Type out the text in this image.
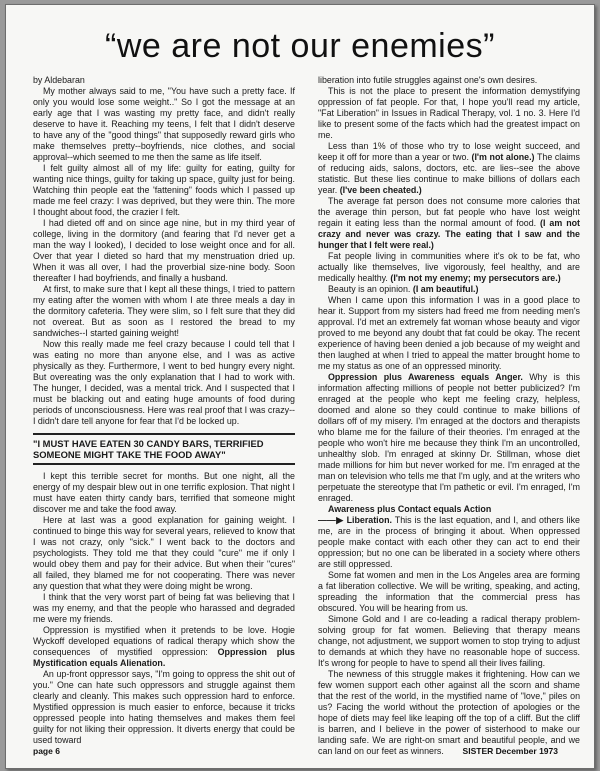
“we are not our enemies”

by Aldebaran

My mother always said to me, "You have such a pretty face. If only you would lose some weight.." So I got the message at an early age that I was wasting my pretty face, and didn't really deserve to have it. Reaching my teens, I felt that I didn't deserve to have any of the "good things" that supposedly reward girls who make themselves pretty--boyfriends, nice clothes, and social approval--which seemed to me then the same as life itself.

I felt guilty almost all of my life: guilty for eating, guilty for wanting nice things, guilty for taking up space, guilty just for being. Watching thin people eat the 'fattening" foods which I passed up made me feel crazy: I was deprived, but they were thin. The more I thought about food, the crazier I felt.

I had dieted off and on since age nine, but in my third year of college, living in the dormitory (and fearing that I'd never get a man the way I looked), I decided to lose weight once and for all. Over that year I dieted so hard that my menstruation dried up. When it was all over, I had the proverbial size-nine body. Soon thereafter I had boyfriends, and finally a husband.

At first, to make sure that I kept all these things, I tried to pattern my eating after the women with whom I ate three meals a day in the dormitory cafeteria. They were slim, so I felt sure that they did not overeat. But as soon as I restored the bread to my sandwiches--I started gaining weight!

Now this really made me feel crazy because I could tell that I was eating no more than anyone else, and I was as active physically as they. Furthermore, I went to bed hungry every night. But overeating was the only explanation that I had to work with. The hunger, I decided, was a mental trick. And I suspected that I must be blacking out and eating huge amounts of food during periods of unconsciousness. Here was real proof that I was crazy--I didn't dare tell anyone for fear that I'd be locked up.

"I MUST HAVE EATEN 30 CANDY BARS, TERRIFIED
SOMEONE MIGHT TAKE THE FOOD AWAY"

I kept this terrible secret for months. But one night, all the energy of my despair blew out in one terrific explosion. That night I must have eaten thirty candy bars, terrified that someone might discover me and take the food away.

Here at last was a good explanation for gaining weight. I continued to binge this way for several years, relieved to know that I was not crazy, only "sick." I went back to the doctors and psychologists. They told me that they could "cure" me if only I would obey them and pay for their advice. But when their "cures" all failed, they blamed me for not cooperating. There was never any question that what they were doing might be wrong.

I think that the very worst part of being fat was believing that I was my enemy, and that the people who harassed and degraded me were my friends.

Oppression is mystified when it pretends to be love. Hogie Wyckoff developed equations of radical therapy which show the consequences of mystified oppression: Oppression plus Mystification equals Alienation.

An up-front oppressor says, "I'm going to oppress the shit out of you." One can hate such oppressors and struggle against them clearly and cleanly. This makes such oppression hard to enforce. Mystified oppression is much easier to enforce, because it tricks oppressed people into hating themselves and makes them feel guilty for not liking their oppression. It diverts energy that could be used toward

liberation into futile struggles against one's own desires.

This is not the place to present the information demystifying oppression of fat people. For that, I hope you'll read my article, "Fat Liberation" in Issues in Radical Therapy, vol. 1 no. 3. Here I'd like to present some of the facts which had the greatest impact on me.

Less than 1% of those who try to lose weight succeed, and keep it off for more than a year or two. (I'm not alone.) The claims of reducing aids, salons, doctors, etc. are lies--see the above statistic. But these lies continue to make billions of dollars each year. (I've been cheated.)

The average fat person does not consume more calories that the average thin person, but fat people who have lost weight regain it eating less than the normal amount of food. (I am not crazy and never was crazy. The eating that I saw and the hunger that I felt were real.)

Fat people living in communities where it's ok to be fat, who actually like themselves, live vigorously, feel healthy, and are medically healthy. (I'm not my enemy; my persecutors are.)

Beauty is an opinion. (I am beautiful.)

When I came upon this information I was in a good place to hear it. Support from my sisters had freed me from needing men's approval. I'd met an extremely fat woman whose beauty and vigor proved to me beyond any doubt that fat could be okay. The recent experience of having been denied a job because of my weight and then laughed at when I tried to appeal the matter brought home to me my status as one of an oppressed minority.

Oppression plus Awareness equals Anger. Why is this information affecting millions of people not better publicized? I'm enraged at the people who kept me feeling crazy, helpless, doomed and alone so they could continue to make billions of dollars off of my misery. I'm enraged at the doctors and therapists who blame me for the failure of their theories. I'm enraged at the people who won't hire me because they think I'm an uncontrolled, unhealthy slob. I'm enraged at skinny Dr. Stillman, whose diet made millions for him but never worked for me. I'm enraged at the man on television who tells me that I'm ugly, and at the writers who perpetuate the stereotype that I'm pathetic or evil. I'm enraged, I'm enraged.

Awareness plus Contact equals Action
——▶ Liberation. This is the last equation, and I, and others like me, are in the process of bringing it about. When oppressed people make contact with each other they can act to end their oppression; but no one can be liberated in a society where others are still oppressed.

Some fat women and men in the Los Angeles area are forming a fat liberation collective. We will be writing, speaking, and acting, spreading the information that the commercial press has obscured. You will be hearing from us.

Simone Gold and I are co-leading a radical therapy problem-solving group for fat women. Believing that therapy means change, not adjustment, we support women to stop trying to adjust to demands at which they have no reasonable hope of success. It's wrong for people to have to spend all their lives failing.

The newness of this struggle makes it frightening. How can we few women support each other against all the scorn and shame that the rest of the world, in the mystified name of "love," piles on us? Facing the world without the protection of apologies or the hope of diets may feel like leaping off the top of a cliff. But the cliff is barren, and I believe in the power of sisterhood to make our landing safe. We are right-on smart and beautiful people, and we can land on our feet as winners.

page 6	SISTER December 1973
